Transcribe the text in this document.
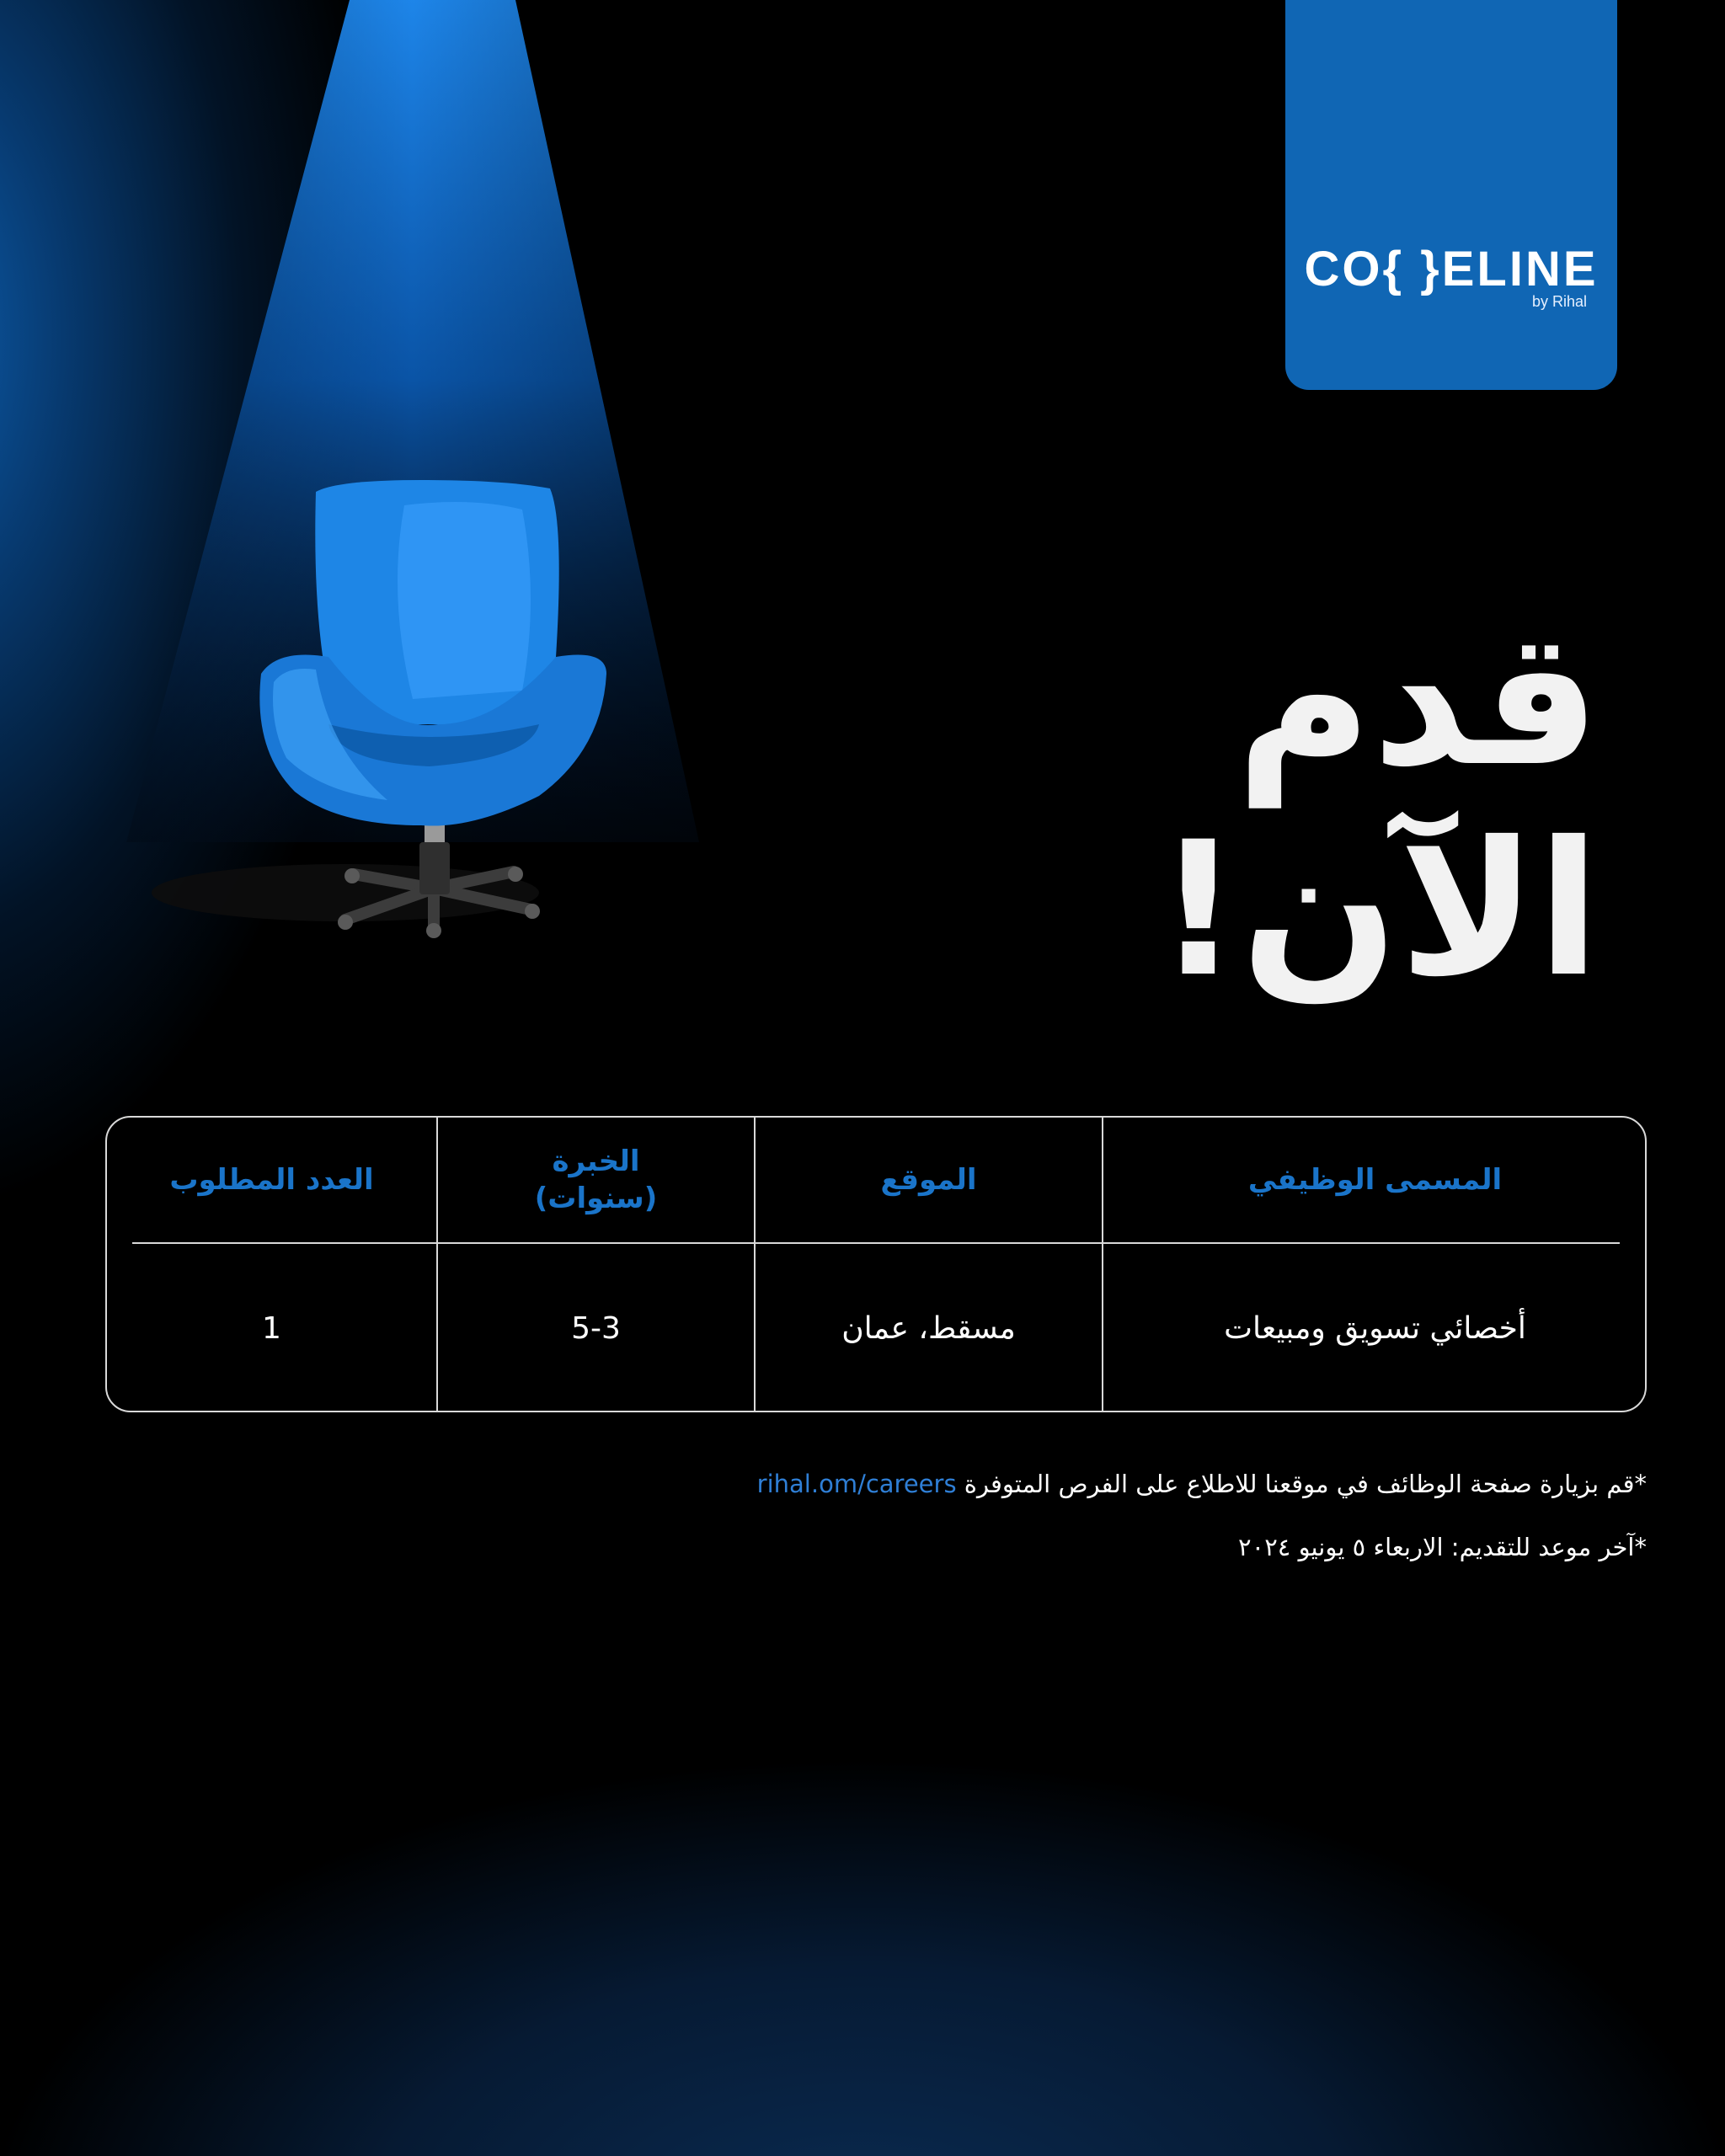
CO{ }ELINE
by Rihal
قدم
الآن!
المسمى الوظيفي
الموقع
الخبرة
(سنوات)
العدد المطلوب
أخصائي تسويق ومبيعات
مسقط، عمان
5-3
1
*قم بزيارة صفحة الوظائف في موقعنا للاطلاع على الفرص المتوفرة rihal.om/careers
*آخر موعد للتقديم: الاربعاء ٥ يونيو ٢٠٢٤
